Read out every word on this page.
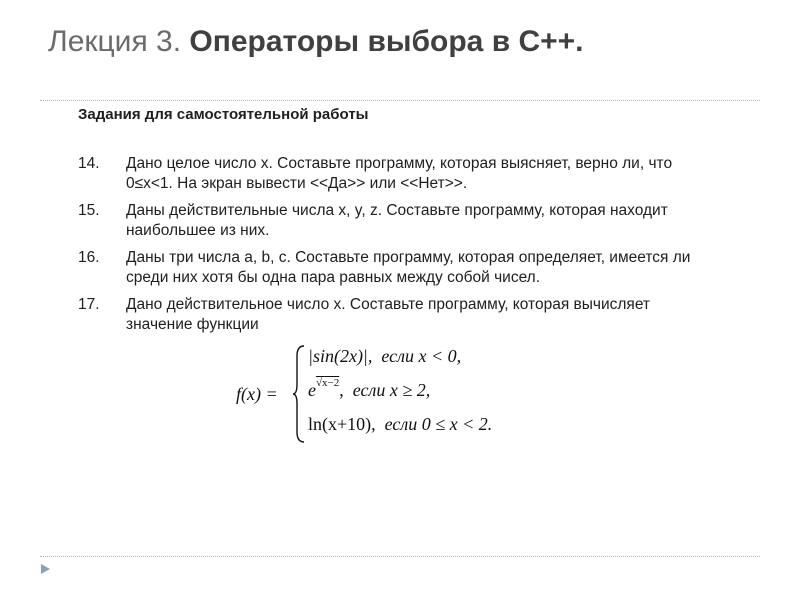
Лекция 3. Операторы выбора в C++.
Задания для самостоятельной работы
14. Дано целое число x. Составьте программу, которая выясняет, верно ли, что 0≤x<1. На экран вывести <<Да>> или <<Нет>>.
15. Даны действительные числа x, y, z. Составьте программу, которая находит наибольшее из них.
16. Даны три числа a, b, c. Составьте программу, которая определяет, имеется ли среди них хотя бы одна пара равных между собой чисел.
17. Дано действительное число x. Составьте программу, которая вычисляет значение функции
f(x) =
|sin(2x)|, если x < 0,
$e^{√x-2}$, если x ≥ 2,
ln(x+10), если 0 ≤ x < 2.
